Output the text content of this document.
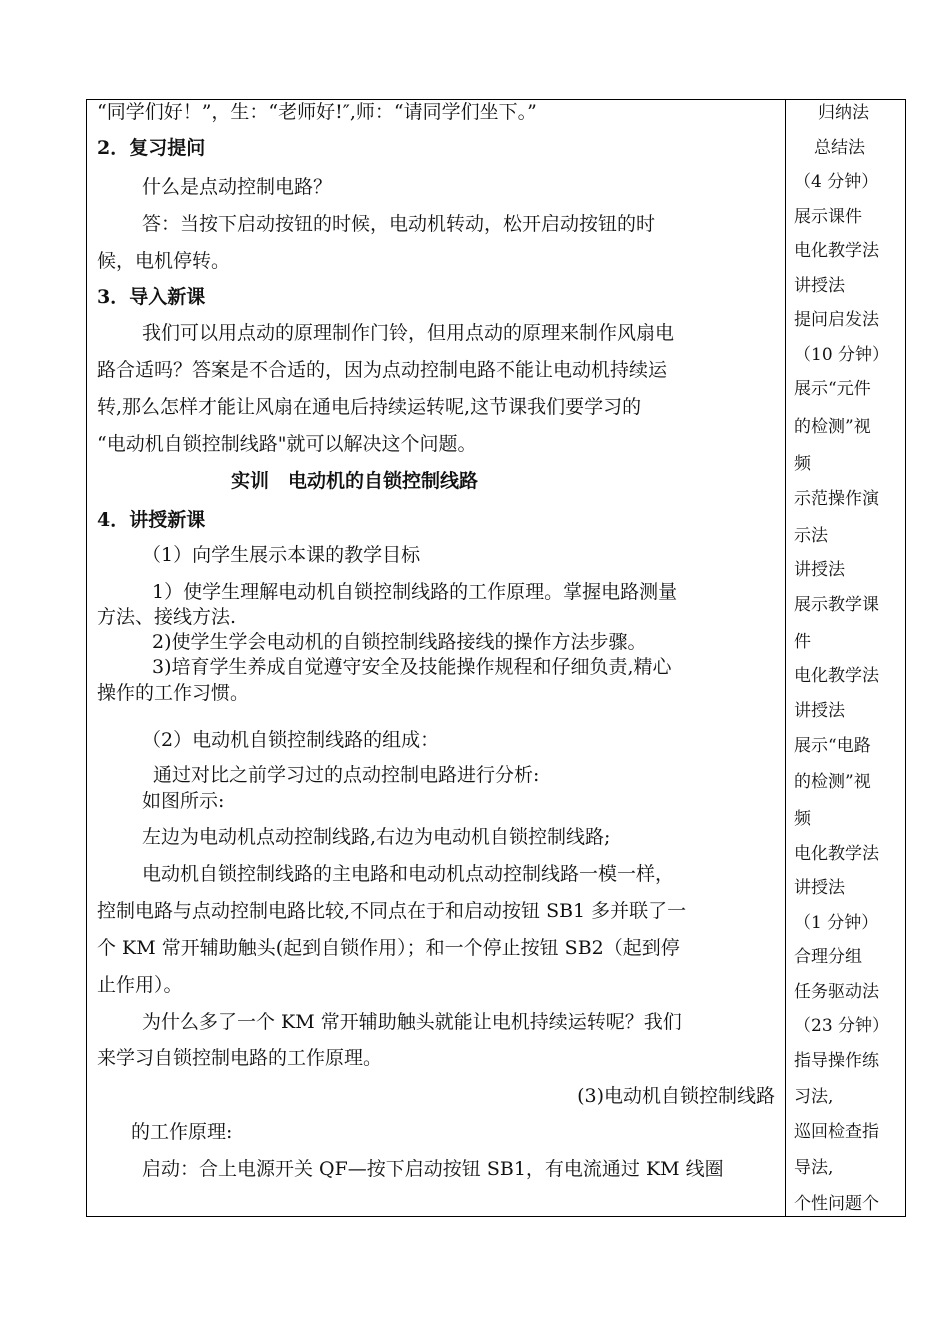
“同学们好！”，生：“老师好!″,师：“请同学们坐下。”
2．复习提问
什么是点动控制电路？
答：当按下启动按钮的时候，电动机转动，松开启动按钮的时
候，电机停转。
3．导入新课
我们可以用点动的原理制作门铃，但用点动的原理来制作风扇电
路合适吗？答案是不合适的，因为点动控制电路不能让电动机持续运
转,那么怎样才能让风扇在通电后持续运转呢,这节课我们要学习的
“电动机自锁控制线路"就可以解决这个问题。
实训　电动机的自锁控制线路
4．讲授新课
（1）向学生展示本课的教学目标
1）使学生理解电动机自锁控制线路的工作原理。掌握电路测量
方法、接线方法.
2)使学生学会电动机的自锁控制线路接线的操作方法步骤。
3)培育学生养成自觉遵守安全及技能操作规程和仔细负责,精心
操作的工作习惯。
（2）电动机自锁控制线路的组成：
通过对比之前学习过的点动控制电路进行分析:
如图所示:
左边为电动机点动控制线路,右边为电动机自锁控制线路;
电动机自锁控制线路的主电路和电动机点动控制线路一模一样，
控制电路与点动控制电路比较,不同点在于和启动按钮 SB1 多并联了一
个 KM 常开辅助触头(起到自锁作用）；和一个停止按钮 SB2（起到停
止作用）。
为什么多了一个 KM 常开辅助触头就能让电机持续运转呢？我们
来学习自锁控制电路的工作原理。
(3)电动机自锁控制线路
的工作原理:
启动：合上电源开关 QF—按下启动按钮 SB1，有电流通过 KM 线圈
归纳法
总结法
（4 分钟）
展示课件
电化教学法
讲授法
提问启发法
（10 分钟）
展示“元件
的检测”视
频
示范操作演
示法
讲授法
展示教学课
件
电化教学法
讲授法
展示“电路
的检测”视
频
电化教学法
讲授法
（1 分钟）
合理分组
任务驱动法
（23 分钟）
指导操作练
习法,
巡回检查指
导法,
个性问题个
